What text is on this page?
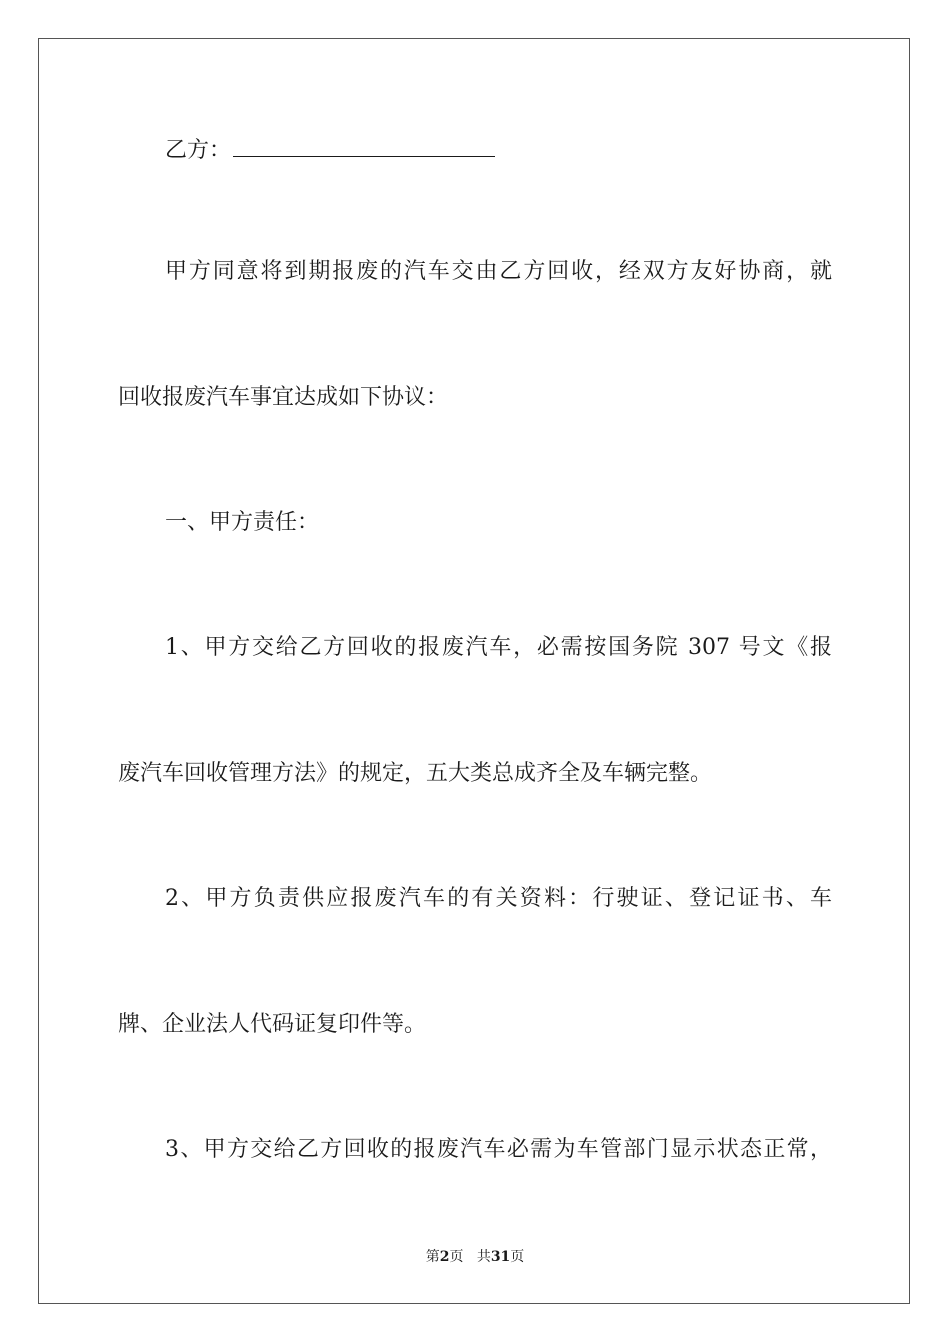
乙方：
甲方同意将到期报废的汽车交由乙方回收，经双方友好协商，就
回收报废汽车事宜达成如下协议：
一、甲方责任：
1、甲方交给乙方回收的报废汽车，必需按国务院 307 号文《报
废汽车回收管理方法》的规定，五大类总成齐全及车辆完整。
2、甲方负责供应报废汽车的有关资料：行驶证、登记证书、车
牌、企业法人代码证复印件等。
3、甲方交给乙方回收的报废汽车必需为车管部门显示状态正常，
第2页 共31页
